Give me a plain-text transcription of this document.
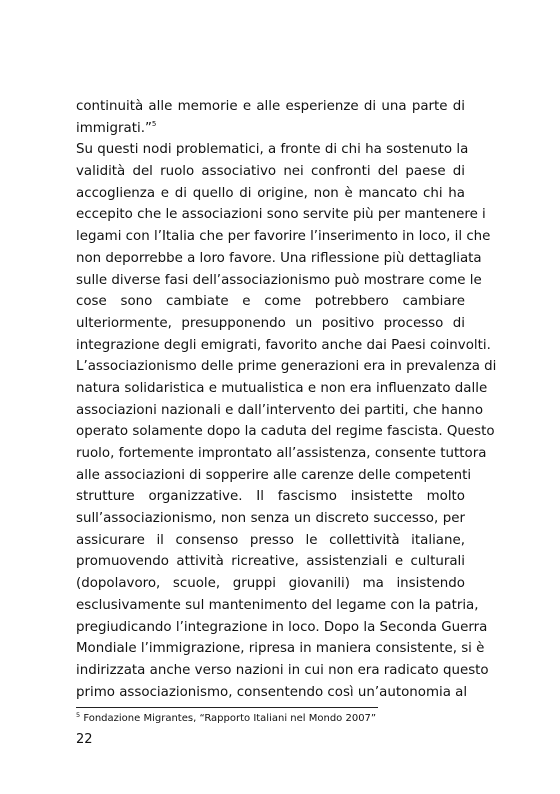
continuità alle memorie e alle esperienze di una parte di
immigrati.”$^5$
Su questi nodi problematici, a fronte di chi ha sostenuto la
validità del ruolo associativo nei confronti del paese di
accoglienza e di quello di origine, non è mancato chi ha
eccepito che le associazioni sono servite più per mantenere i
legami con l’Italia che per favorire l’inserimento in loco, il che
non deporrebbe a loro favore. Una riflessione più dettagliata
sulle diverse fasi dell’associazionismo può mostrare come le
cose sono cambiate e come potrebbero cambiare
ulteriormente, presupponendo un positivo processo di
integrazione degli emigrati, favorito anche dai Paesi coinvolti.
L’associazionismo delle prime generazioni era in prevalenza di
natura solidaristica e mutualistica e non era influenzato dalle
associazioni nazionali e dall’intervento dei partiti, che hanno
operato solamente dopo la caduta del regime fascista. Questo
ruolo, fortemente improntato all’assistenza, consente tuttora
alle associazioni di sopperire alle carenze delle competenti
strutture organizzative. Il fascismo insistette molto
sull’associazionismo, non senza un discreto successo, per
assicurare il consenso presso le collettività italiane,
promuovendo attività ricreative, assistenziali e culturali
(dopolavoro, scuole, gruppi giovanili) ma insistendo
esclusivamente sul mantenimento del legame con la patria,
pregiudicando l’integrazione in loco. Dopo la Seconda Guerra
Mondiale l’immigrazione, ripresa in maniera consistente, si è
indirizzata anche verso nazioni in cui non era radicato questo
primo associazionismo, consentendo così un’autonomia al
$^5$ Fondazione Migrantes, “Rapporto Italiani nel Mondo 2007”
22
